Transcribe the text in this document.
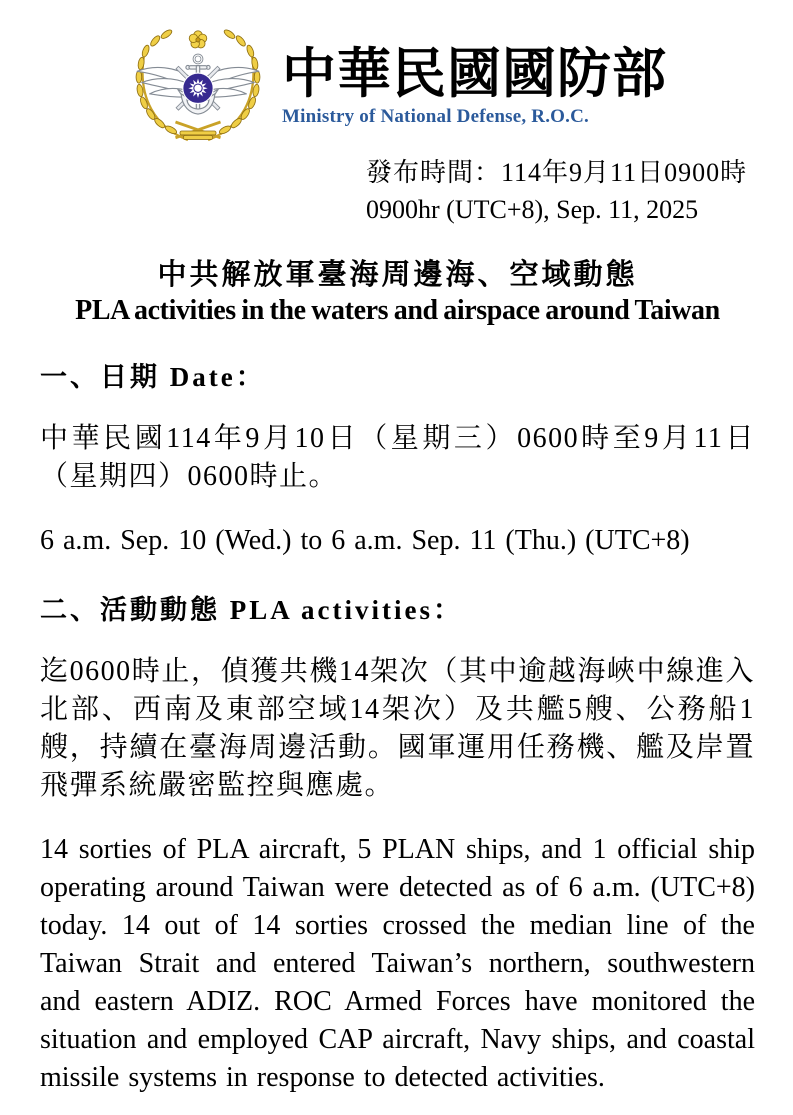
中華民國國防部
Ministry of National Defense, R.O.C.
發布時間：114年9月11日0900時
0900hr (UTC+8), Sep. 11, 2025
中共解放軍臺海周邊海、空域動態
PLA activities in the waters and airspace around Taiwan
一、日期 Date：
中華民國114年9月10日（星期三）0600時至9月11日（星期四）0600時止。
6 a.m. Sep. 10 (Wed.) to 6 a.m. Sep. 11 (Thu.) (UTC+8)
二、活動動態 PLA activities：
迄0600時止，偵獲共機14架次（其中逾越海峽中線進入北部、西南及東部空域14架次）及共艦5艘、公務船1艘，持續在臺海周邊活動。國軍運用任務機、艦及岸置飛彈系統嚴密監控與應處。
14 sorties of PLA aircraft, 5 PLAN ships, and 1 official ship operating around Taiwan were detected as of 6 a.m. (UTC+8) today. 14 out of 14 sorties crossed the median line of the Taiwan Strait and entered Taiwan’s northern, southwestern and eastern ADIZ. ROC Armed Forces have monitored the situation and employed CAP aircraft, Navy ships, and coastal missile systems in response to detected activities.
